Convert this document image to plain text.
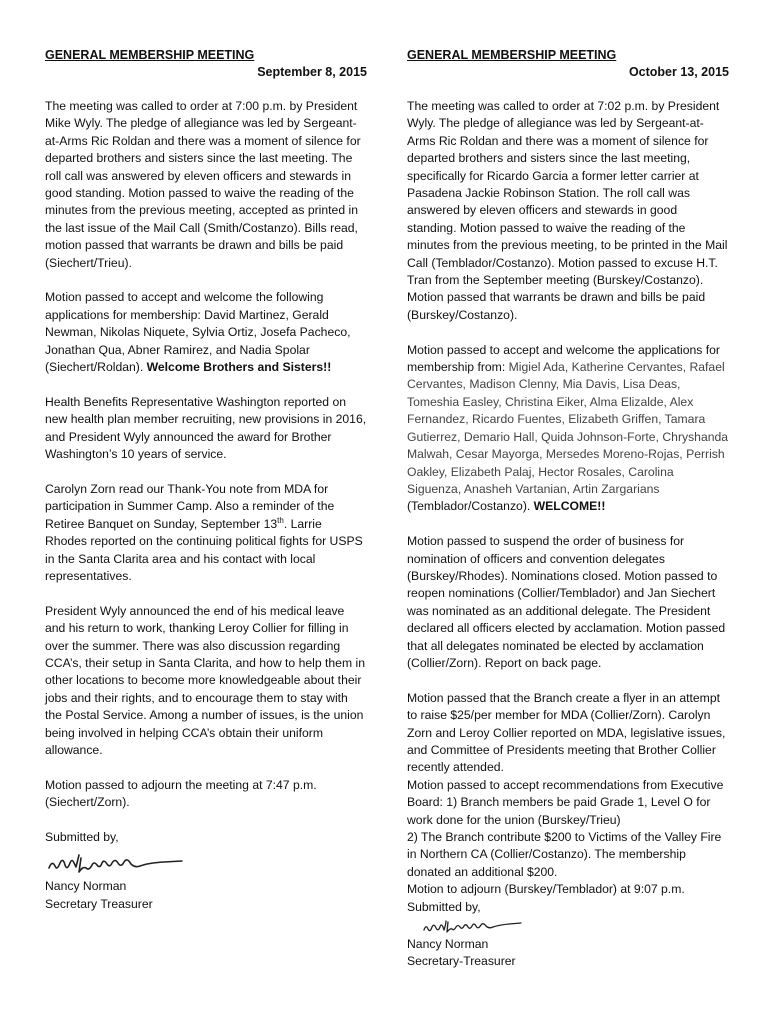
GENERAL MEMBERSHIP MEETING
September 8, 2015

The meeting was called to order at 7:00 p.m. by President Mike Wyly. The pledge of allegiance was led by Sergeant-at-Arms Ric Roldan and there was a moment of silence for departed brothers and sisters since the last meeting. The roll call was answered by eleven officers and stewards in good standing. Motion passed to waive the reading of the minutes from the previous meeting, accepted as printed in the last issue of the Mail Call (Smith/Costanzo). Bills read, motion passed that warrants be drawn and bills be paid (Siechert/Trieu).

Motion passed to accept and welcome the following applications for membership: David Martinez, Gerald Newman, Nikolas Niquete, Sylvia Ortiz, Josefa Pacheco, Jonathan Qua, Abner Ramirez, and Nadia Spolar (Siechert/Roldan). Welcome Brothers and Sisters!!

Health Benefits Representative Washington reported on new health plan member recruiting, new provisions in 2016, and President Wyly announced the award for Brother Washington’s 10 years of service.

Carolyn Zorn read our Thank-You note from MDA for participation in Summer Camp. Also a reminder of the Retiree Banquet on Sunday, September 13th. Larrie Rhodes reported on the continuing political fights for USPS in the Santa Clarita area and his contact with local representatives.

President Wyly announced the end of his medical leave and his return to work, thanking Leroy Collier for filling in over the summer. There was also discussion regarding CCA’s, their setup in Santa Clarita, and how to help them in other locations to become more knowledgeable about their jobs and their rights, and to encourage them to stay with the Postal Service. Among a number of issues, is the union being involved in helping CCA’s obtain their uniform allowance.

Motion passed to adjourn the meeting at 7:47 p.m. (Siechert/Zorn).

Submitted by,

Nancy Norman

Secretary Treasurer

GENERAL MEMBERSHIP MEETING
October 13, 2015

The meeting was called to order at 7:02 p.m. by President Wyly. The pledge of allegiance was led by Sergeant-at-Arms Ric Roldan and there was a moment of silence for departed brothers and sisters since the last meeting, specifically for Ricardo Garcia a former letter carrier at Pasadena Jackie Robinson Station. The roll call was answered by eleven officers and stewards in good standing. Motion passed to waive the reading of the minutes from the previous meeting, to be printed in the Mail Call (Temblador/Costanzo). Motion passed to excuse H.T. Tran from the September meeting (Burskey/Costanzo). Motion passed that warrants be drawn and bills be paid (Burskey/Costanzo).

Motion passed to accept and welcome the applications for membership from: Migiel Ada, Katherine Cervantes, Rafael Cervantes, Madison Clenny, Mia Davis, Lisa Deas, Tomeshia Easley, Christina Eiker, Alma Elizalde, Alex Fernandez, Ricardo Fuentes, Elizabeth Griffen, Tamara Gutierrez, Demario Hall, Quida Johnson-Forte, Chryshanda Malwah, Cesar Mayorga, Mersedes Moreno-Rojas, Perrish Oakley, Elizabeth Palaj, Hector Rosales, Carolina Siguenza, Anasheh Vartanian, Artin Zargarians (Temblador/Costanzo). WELCOME!!

Motion passed to suspend the order of business for nomination of officers and convention delegates (Burskey/Rhodes). Nominations closed. Motion passed to reopen nominations (Collier/Temblador) and Jan Siechert was nominated as an additional delegate. The President declared all officers elected by acclamation. Motion passed that all delegates nominated be elected by acclamation (Collier/Zorn). Report on back page.

Motion passed that the Branch create a flyer in an attempt to raise $25/per member for MDA (Collier/Zorn). Carolyn Zorn and Leroy Collier reported on MDA, legislative issues, and Committee of Presidents meeting that Brother Collier recently attended.

Motion passed to accept recommendations from Executive Board: 1) Branch members be paid Grade 1, Level O for work done for the union (Burskey/Trieu)

2) The Branch contribute $200 to Victims of the Valley Fire in Northern CA (Collier/Costanzo). The membership donated an additional $200.

Motion to adjourn (Burskey/Temblador) at 9:07 p.m.

Submitted by,

Nancy Norman

Secretary-Treasurer
